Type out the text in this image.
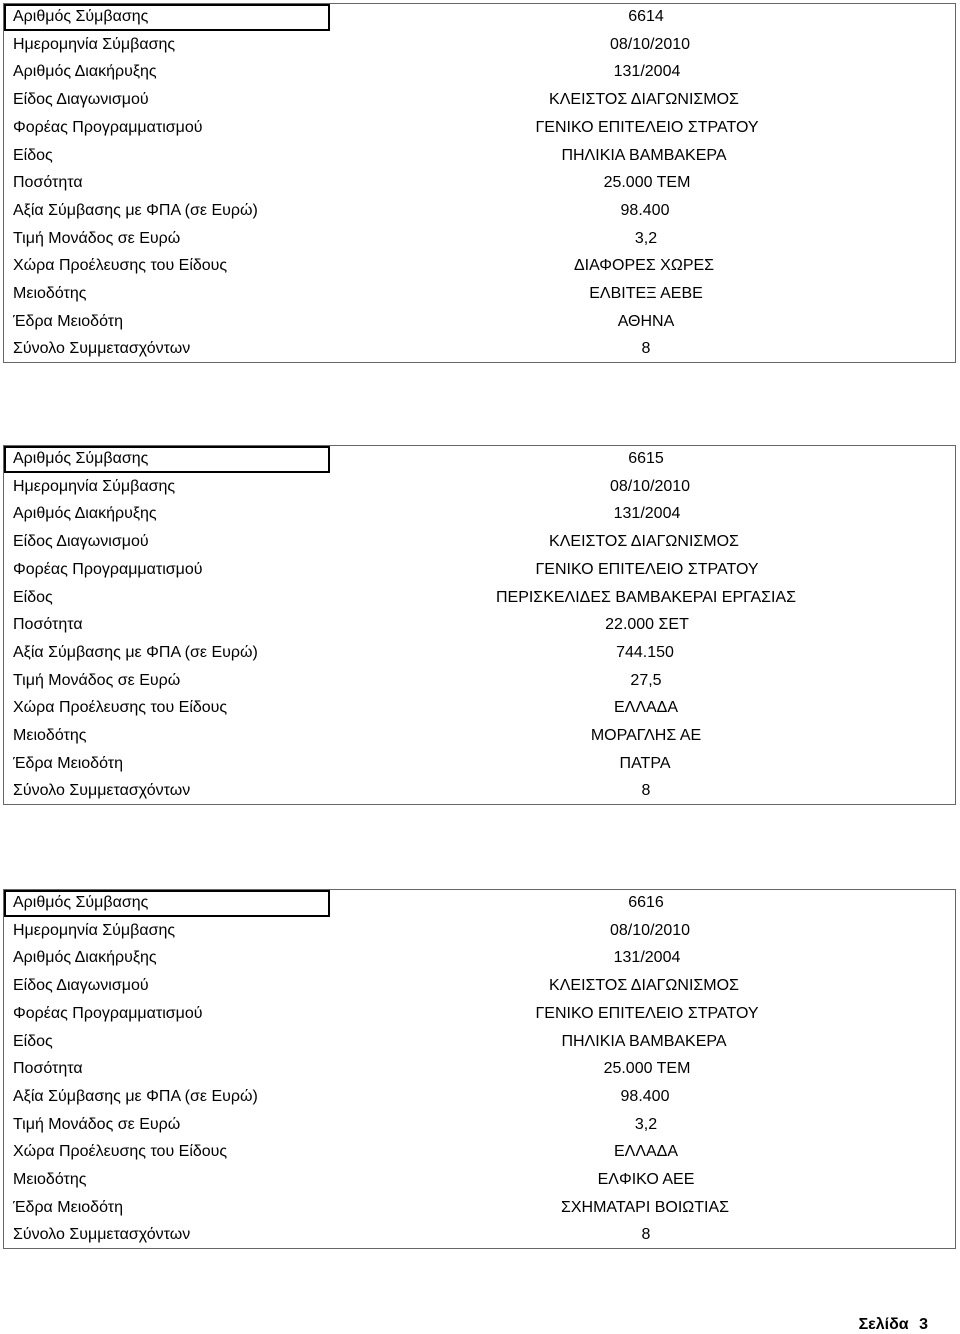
Αριθμός Σύμβασης	6614
Ημερομηνία Σύμβασης	08/10/2010
Αριθμός Διακήρυξης	131/2004
Είδος Διαγωνισμού	ΚΛΕΙΣΤΟΣ ΔΙΑΓΩΝΙΣΜΟΣ
Φορέας Προγραμματισμού	ΓΕΝΙΚΟ ΕΠΙΤΕΛΕΙΟ ΣΤΡΑΤΟΥ
Είδος	ΠΗΛΙΚΙΑ ΒΑΜΒΑΚΕΡΑ
Ποσότητα	25.000 ΤΕΜ
Αξία Σύμβασης με ΦΠΑ (σε Ευρώ)	98.400
Τιμή Μονάδος σε Ευρώ	3,2
Χώρα Προέλευσης του Είδους	ΔΙΑΦΟΡΕΣ ΧΩΡΕΣ
Μειοδότης	ΕΛΒΙΤΕΞ ΑΕΒΕ
Έδρα Μειοδότη	ΑΘΗΝΑ
Σύνολο Συμμετασχόντων	8
Αριθμός Σύμβασης	6615
Ημερομηνία Σύμβασης	08/10/2010
Αριθμός Διακήρυξης	131/2004
Είδος Διαγωνισμού	ΚΛΕΙΣΤΟΣ ΔΙΑΓΩΝΙΣΜΟΣ
Φορέας Προγραμματισμού	ΓΕΝΙΚΟ ΕΠΙΤΕΛΕΙΟ ΣΤΡΑΤΟΥ
Είδος	ΠΕΡΙΣΚΕΛΙΔΕΣ ΒΑΜΒΑΚΕΡΑΙ ΕΡΓΑΣΙΑΣ
Ποσότητα	22.000 ΣΕΤ
Αξία Σύμβασης με ΦΠΑ (σε Ευρώ)	744.150
Τιμή Μονάδος σε Ευρώ	27,5
Χώρα Προέλευσης του Είδους	ΕΛΛΑΔΑ
Μειοδότης	ΜΟΡΑΓΛΗΣ ΑΕ
Έδρα Μειοδότη	ΠΑΤΡΑ
Σύνολο Συμμετασχόντων	8
Αριθμός Σύμβασης	6616
Ημερομηνία Σύμβασης	08/10/2010
Αριθμός Διακήρυξης	131/2004
Είδος Διαγωνισμού	ΚΛΕΙΣΤΟΣ ΔΙΑΓΩΝΙΣΜΟΣ
Φορέας Προγραμματισμού	ΓΕΝΙΚΟ ΕΠΙΤΕΛΕΙΟ ΣΤΡΑΤΟΥ
Είδος	ΠΗΛΙΚΙΑ ΒΑΜΒΑΚΕΡΑ
Ποσότητα	25.000 ΤΕΜ
Αξία Σύμβασης με ΦΠΑ (σε Ευρώ)	98.400
Τιμή Μονάδος σε Ευρώ	3,2
Χώρα Προέλευσης του Είδους	ΕΛΛΑΔΑ
Μειοδότης	ΕΛΦΙΚΟ ΑΕΕ
Έδρα Μειοδότη	ΣΧΗΜΑΤΑΡΙ ΒΟΙΩΤΙΑΣ
Σύνολο Συμμετασχόντων	8
Σελίδα 3
